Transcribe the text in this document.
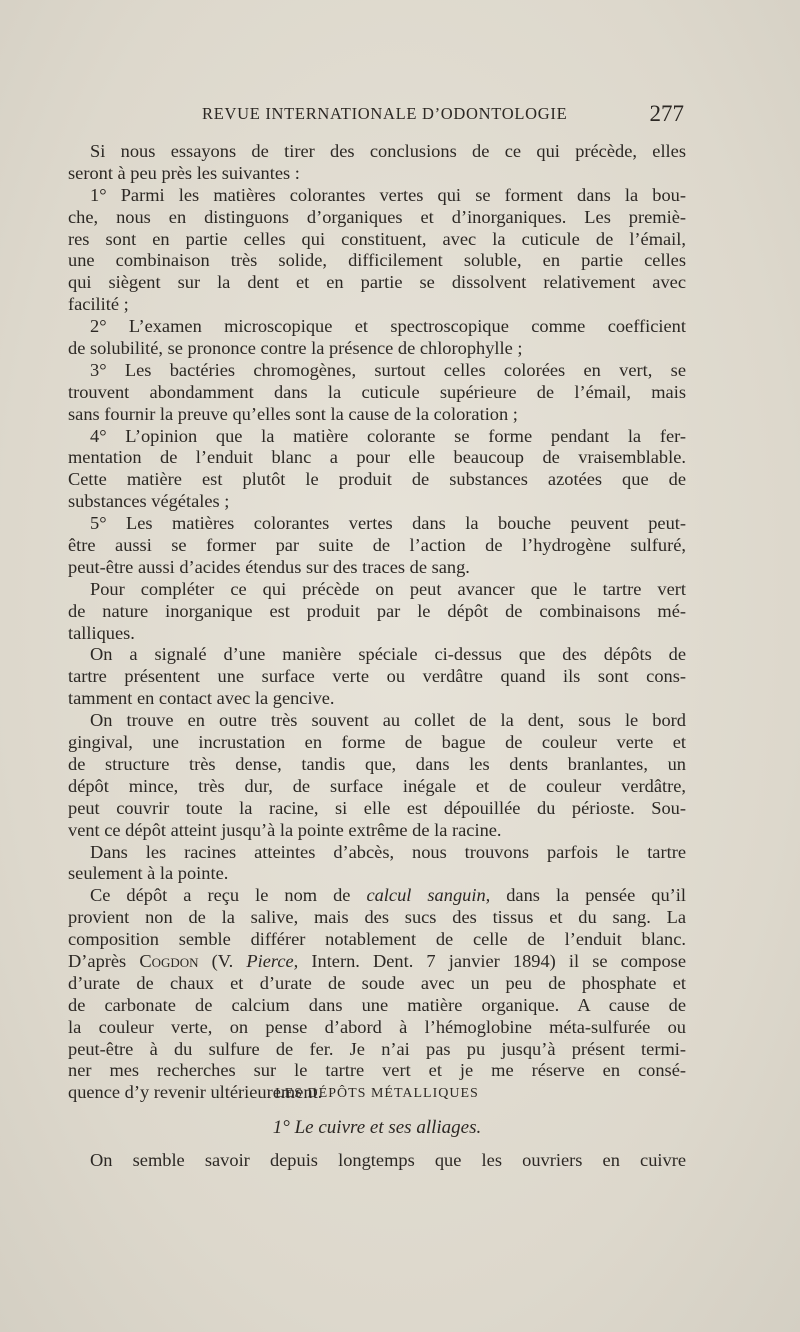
REVUE INTERNATIONALE D’ODONTOLOGIE	277
Si nous essayons de tirer des conclusions de ce qui précède, elles
seront à peu près les suivantes :
1° Parmi les matières colorantes vertes qui se forment dans la bou-
che, nous en distinguons d’organiques et d’inorganiques. Les premiè-
res sont en partie celles qui constituent, avec la cuticule de l’émail,
une combinaison très solide, difficilement soluble, en partie celles
qui siègent sur la dent et en partie se dissolvent relativement avec
facilité ;
2° L’examen microscopique et spectroscopique comme coefficient
de solubilité, se prononce contre la présence de chlorophylle ;
3° Les bactéries chromogènes, surtout celles colorées en vert, se
trouvent abondamment dans la cuticule supérieure de l’émail, mais
sans fournir la preuve qu’elles sont la cause de la coloration ;
4° L’opinion que la matière colorante se forme pendant la fer-
mentation de l’enduit blanc a pour elle beaucoup de vraisemblable.
Cette matière est plutôt le produit de substances azotées que de
substances végétales ;
5° Les matières colorantes vertes dans la bouche peuvent peut-
être aussi se former par suite de l’action de l’hydrogène sulfuré,
peut-être aussi d’acides étendus sur des traces de sang.
Pour compléter ce qui précède on peut avancer que le tartre vert
de nature inorganique est produit par le dépôt de combinaisons mé-
talliques.
On a signalé d’une manière spéciale ci-dessus que des dépôts de
tartre présentent une surface verte ou verdâtre quand ils sont cons-
tamment en contact avec la gencive.
On trouve en outre très souvent au collet de la dent, sous le bord
gingival, une incrustation en forme de bague de couleur verte et
de structure très dense, tandis que, dans les dents branlantes, un
dépôt mince, très dur, de surface inégale et de couleur verdâtre,
peut couvrir toute la racine, si elle est dépouillée du périoste. Sou-
vent ce dépôt atteint jusqu’à la pointe extrême de la racine.
Dans les racines atteintes d’abcès, nous trouvons parfois le tartre
seulement à la pointe.
Ce dépôt a reçu le nom de calcul sanguin, dans la pensée qu’il
provient non de la salive, mais des sucs des tissus et du sang. La
composition semble différer notablement de celle de l’enduit blanc.
D’après Cogdon (V. Pierce, Intern. Dent. 7 janvier 1894) il se compose
d’urate de chaux et d’urate de soude avec un peu de phosphate et
de carbonate de calcium dans une matière organique. A cause de
la couleur verte, on pense d’abord à l’hémoglobine méta-sulfurée ou
peut-être à du sulfure de fer. Je n’ai pas pu jusqu’à présent termi-
ner mes recherches sur le tartre vert et je me réserve en consé-
quence d’y revenir ultérieurement.
LES DÉPÔTS MÉTALLIQUES
1° Le cuivre et ses alliages.
On semble savoir depuis longtemps que les ouvriers en cuivre
